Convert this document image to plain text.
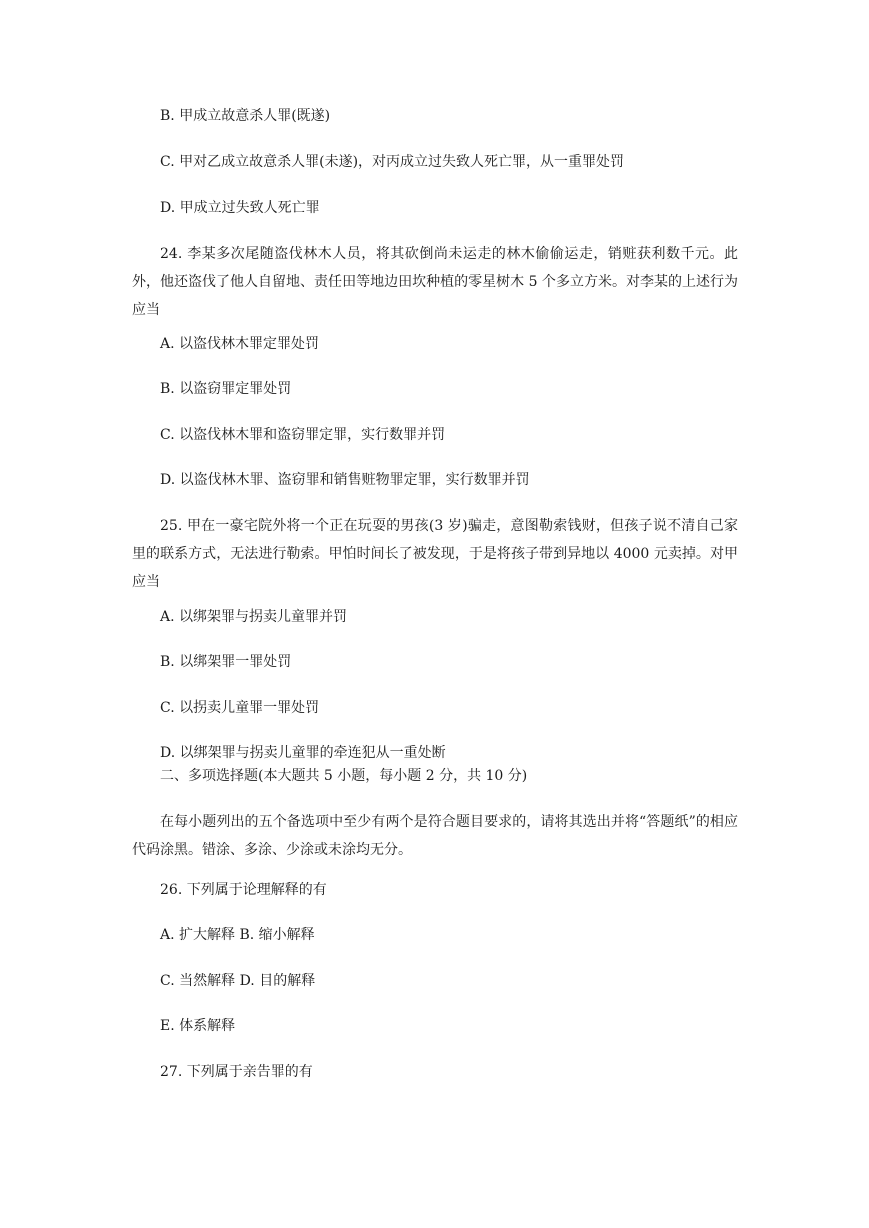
B. 甲成立故意杀人罪(既遂)
C. 甲对乙成立故意杀人罪(未遂)，对丙成立过失致人死亡罪，从一重罪处罚
D. 甲成立过失致人死亡罪

24. 李某多次尾随盗伐林木人员，将其砍倒尚未运走的林木偷偷运走，销赃获利数千元。此外，他还盗伐了他人自留地、责任田等地边田坎种植的零星树木 5 个多立方米。对李某的上述行为应当

A. 以盗伐林木罪定罪处罚
B. 以盗窃罪定罪处罚
C. 以盗伐林木罪和盗窃罪定罪，实行数罪并罚
D. 以盗伐林木罪、盗窃罪和销售赃物罪定罪，实行数罪并罚

25. 甲在一豪宅院外将一个正在玩耍的男孩(3 岁)骗走，意图勒索钱财，但孩子说不清自己家里的联系方式，无法进行勒索。甲怕时间长了被发现，于是将孩子带到异地以 4000 元卖掉。对甲应当

A. 以绑架罪与拐卖儿童罪并罚
B. 以绑架罪一罪处罚
C. 以拐卖儿童罪一罪处罚
D. 以绑架罪与拐卖儿童罪的牵连犯从一重处断
二、多项选择题(本大题共 5 小题，每小题 2 分，共 10 分)

在每小题列出的五个备选项中至少有两个是符合题目要求的，请将其选出并将“答题纸”的相应代码涂黑。错涂、多涂、少涂或未涂均无分。

26. 下列属于论理解释的有
A. 扩大解释 B. 缩小解释
C. 当然解释 D. 目的解释
E. 体系解释
27. 下列属于亲告罪的有
